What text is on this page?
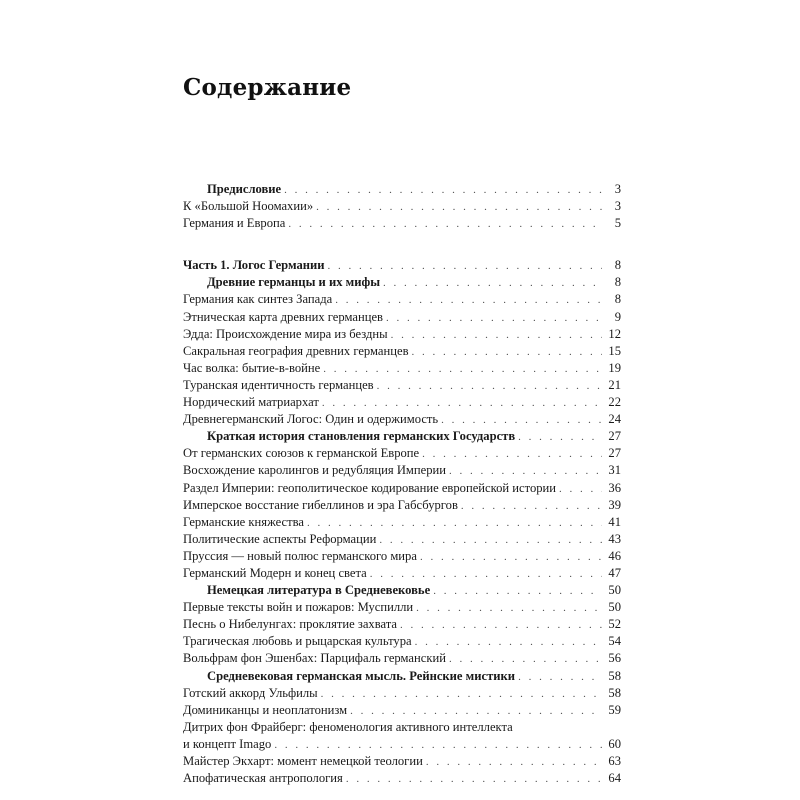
Содержание
Предисловие . . .	3
К «Большой Ноомахии» . . .	3
Германия и Европа . . .	5
Часть 1. Логос Германии . . .	8
Древние германцы и их мифы . . .	8
Германия как синтез Запада . . .	8
Этническая карта древних германцев . . .	9
Эдда: Происхождение мира из бездны . . .	12
Сакральная география древних германцев . . .	15
Час волка: бытие-в-войне . . .	19
Туранская идентичность германцев . . .	21
Нордический матриархат . . .	22
Древнегерманский Логос: Один и одержимость . . .	24
Краткая история становления германских Государств . . .	27
От германских союзов к германской Европе . . .	27
Восхождение каролингов и редубляция Империи . . .	31
Раздел Империи: геополитическое кодирование европейской истории . . .	36
Имперское восстание гибеллинов и эра Габсбургов . . .	39
Германские княжества . . .	41
Политические аспекты Реформации . . .	43
Пруссия — новый полюс германского мира . . .	46
Германский Модерн и конец света . . .	47
Немецкая литература в Средневековье . . .	50
Первые тексты войн и пожаров: Муспилли . . .	50
Песнь о Нибелунгах: проклятие захвата . . .	52
Трагическая любовь и рыцарская культура . . .	54
Вольфрам фон Эшенбах: Парцифаль германский . . .	56
Средневековая германская мысль. Рейнские мистики . . .	58
Готский аккорд Ульфилы . . .	58
Доминиканцы и неоплатонизм . . .	59
Дитрих фон Фрайберг: феноменология активного интеллекта
и концепт Imago . . .	60
Майстер Экхарт: момент немецкой теологии . . .	63
Апофатическая антропология . . .	64
